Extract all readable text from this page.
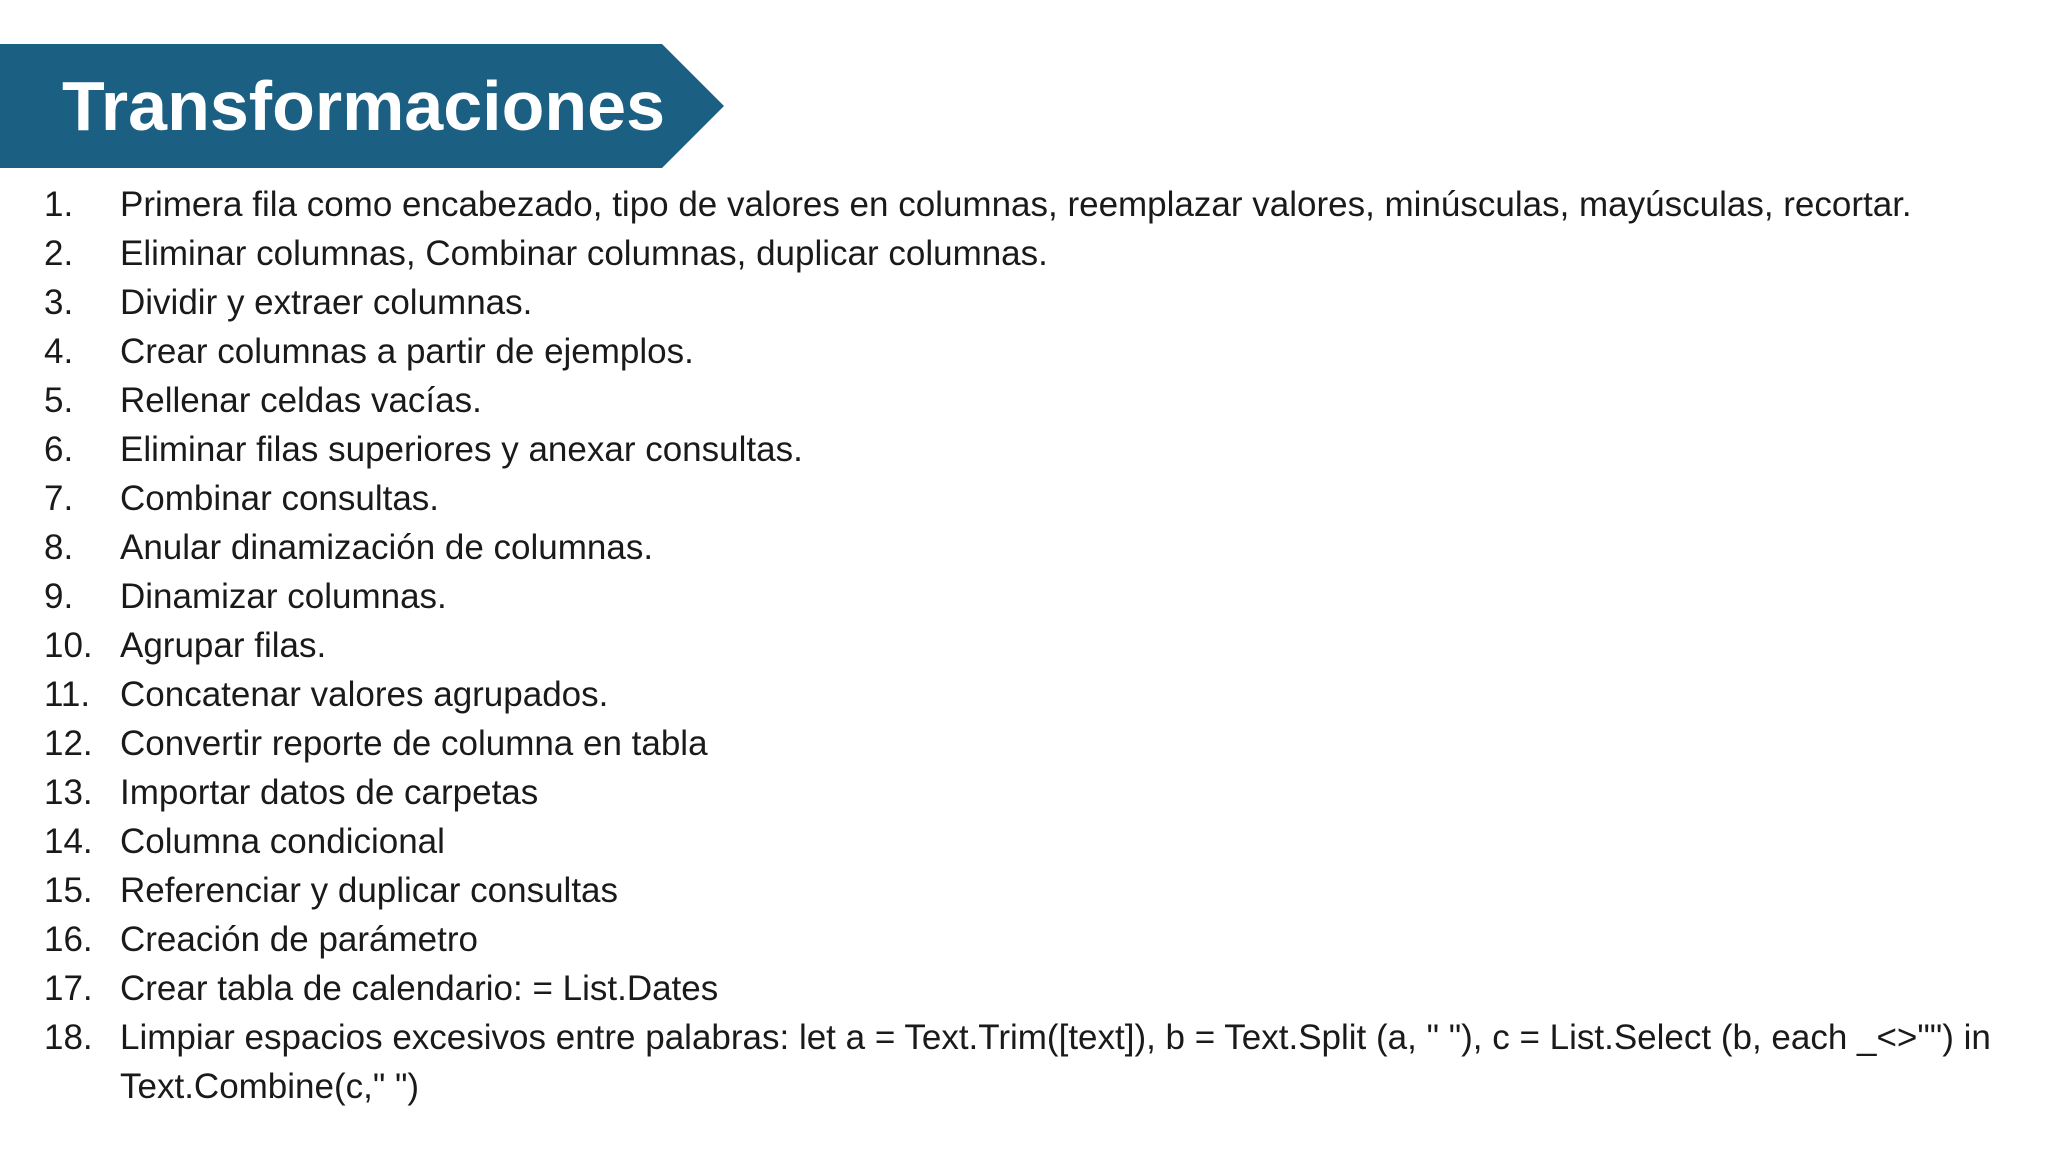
Transformaciones
1.	Primera fila como encabezado, tipo de valores en columnas, reemplazar valores, minúsculas, mayúsculas, recortar.
2.	Eliminar columnas, Combinar columnas, duplicar columnas.
3.	Dividir y extraer columnas.
4.	Crear columnas a partir de ejemplos.
5.	Rellenar celdas vacías.
6.	Eliminar filas superiores y anexar consultas.
7.	Combinar consultas.
8.	Anular dinamización de columnas.
9.	Dinamizar columnas.
10. Agrupar filas.
11. Concatenar valores agrupados.
12. Convertir reporte de columna en tabla
13. Importar datos de carpetas
14. Columna condicional
15. Referenciar y duplicar consultas
16. Creación de parámetro
17. Crear tabla de calendario: = List.Dates
18. Limpiar espacios excesivos entre palabras: let a = Text.Trim([text]), b = Text.Split (a, " "), c = List.Select (b, each _<>"") in Text.Combine(c," ")
